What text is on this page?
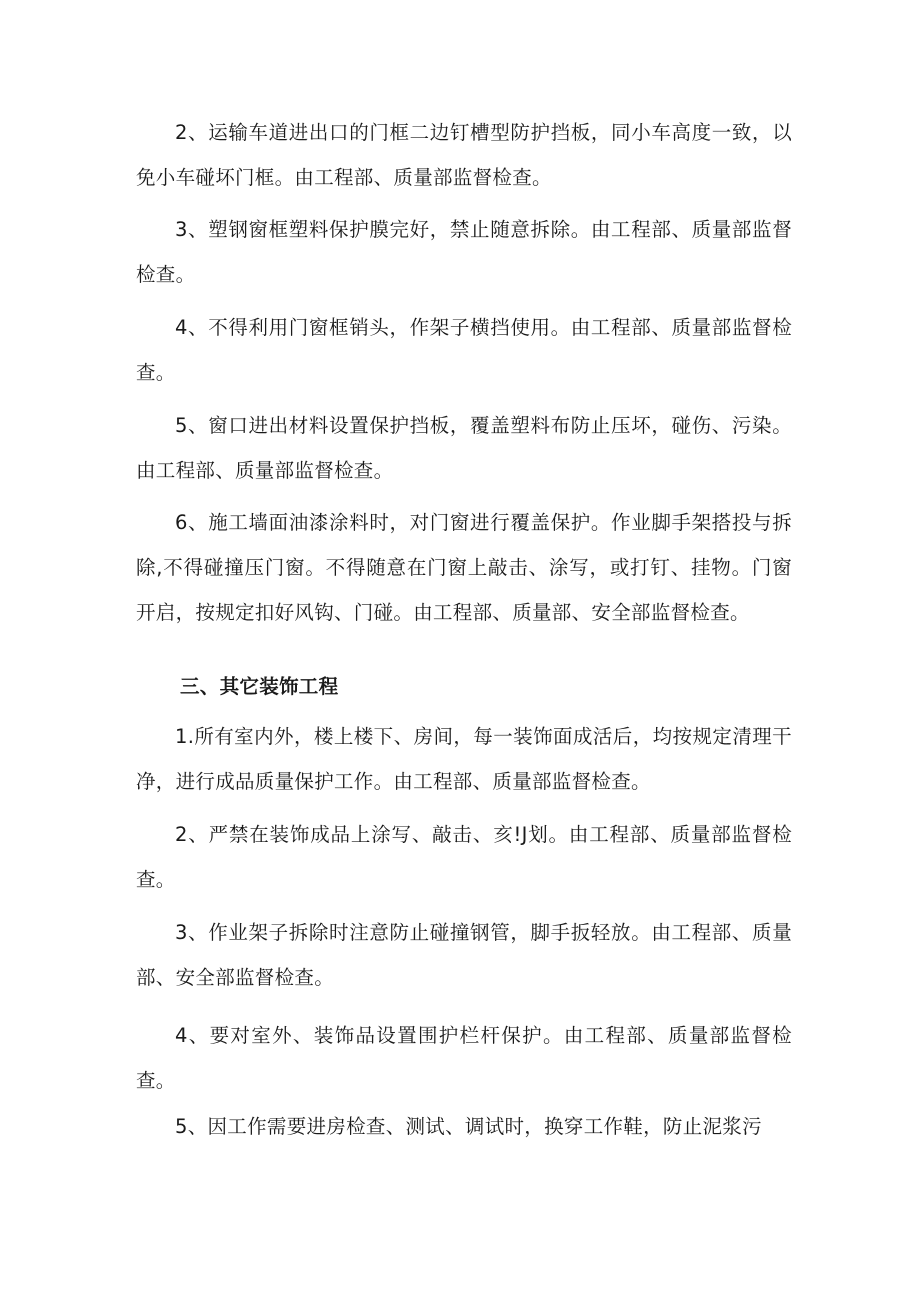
2、运输车道进出口的门框二边钉槽型防护挡板，同小车高度一致，以免小车碰坏门框。由工程部、质量部监督检查。

3、塑钢窗框塑料保护膜完好，禁止随意拆除。由工程部、质量部监督检查。

4、不得利用门窗框销头，作架子横挡使用。由工程部、质量部监督检查。

5、窗口进出材料设置保护挡板，覆盖塑料布防止压坏，碰伤、污染。由工程部、质量部监督检查。

6、施工墙面油漆涂料时，对门窗进行覆盖保护。作业脚手架搭投与拆除,不得碰撞压门窗。不得随意在门窗上敲击、涂写，或打钉、挂物。门窗开启，按规定扣好风钩、门碰。由工程部、质量部、安全部监督检查。

三、其它装饰工程

1.所有室内外，楼上楼下、房间，每一装饰面成活后，均按规定清理干净，进行成品质量保护工作。由工程部、质量部监督检查。

2、严禁在装饰成品上涂写、敲击、亥!J划。由工程部、质量部监督检查。

3、作业架子拆除时注意防止碰撞钢管，脚手扳轻放。由工程部、质量部、安全部监督检查。

4、要对室外、装饰品设置围护栏杆保护。由工程部、质量部监督检查。

5、因工作需要进房检查、测试、调试时，换穿工作鞋，防止泥浆污
